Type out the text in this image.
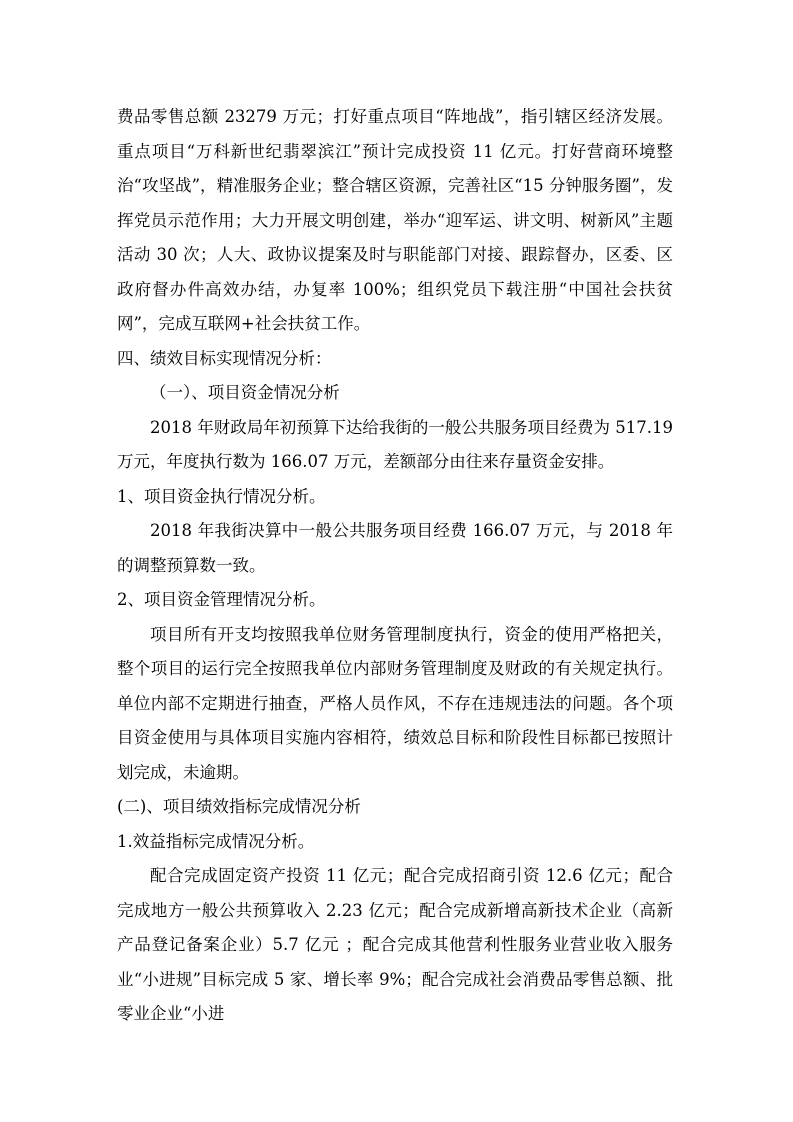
费品零售总额 23279 万元；打好重点项目“阵地战”，指引辖区经济发展。重点项目“万科新世纪翡翠滨江”预计完成投资 11 亿元。打好营商环境整治“攻坚战”，精准服务企业；整合辖区资源，完善社区“15 分钟服务圈”，发挥党员示范作用；大力开展文明创建，举办“迎军运、讲文明、树新风”主题活动 30 次；人大、政协议提案及时与职能部门对接、跟踪督办，区委、区政府督办件高效办结，办复率 100%；组织党员下载注册“中国社会扶贫网”，完成互联网+社会扶贫工作。

四、绩效目标实现情况分析：

（一）、项目资金情况分析

2018 年财政局年初预算下达给我街的一般公共服务项目经费为 517.19 万元，年度执行数为 166.07 万元，差额部分由往来存量资金安排。

1、项目资金执行情况分析。

2018 年我街决算中一般公共服务项目经费 166.07 万元，与 2018 年的调整预算数一致。

2、项目资金管理情况分析。

项目所有开支均按照我单位财务管理制度执行，资金的使用严格把关，整个项目的运行完全按照我单位内部财务管理制度及财政的有关规定执行。单位内部不定期进行抽查，严格人员作风，不存在违规违法的问题。各个项目资金使用与具体项目实施内容相符，绩效总目标和阶段性目标都已按照计划完成，未逾期。

(二)、项目绩效指标完成情况分析

1.效益指标完成情况分析。

配合完成固定资产投资 11 亿元；配合完成招商引资 12.6 亿元；配合完成地方一般公共预算收入 2.23 亿元；配合完成新增高新技术企业（高新产品登记备案企业）5.7 亿元 ；配合完成其他营利性服务业营业收入服务业“小进规”目标完成 5 家、增长率 9%；配合完成社会消费品零售总额、批零业企业“小进
